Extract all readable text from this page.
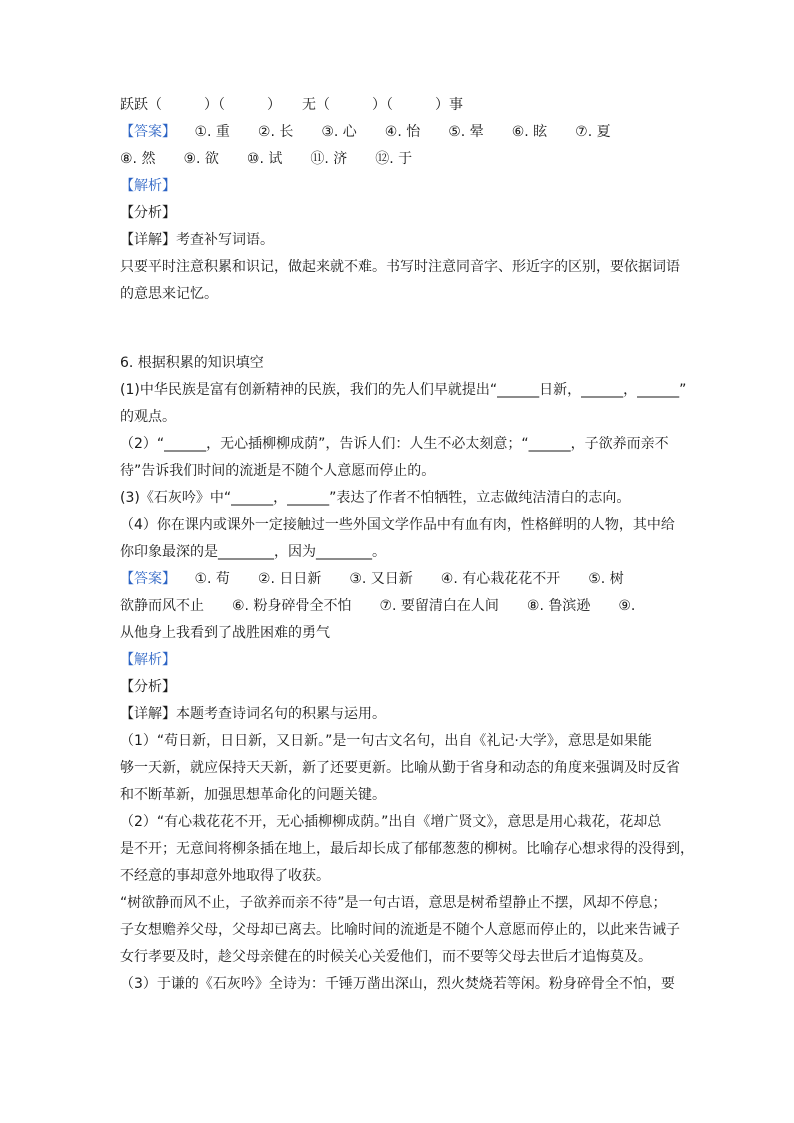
跃跃（　　　）（　　　）　　无（　　　）（　　　）事
【答案】 ①. 重　　②. 长　　③. 心　　④. 怡　　⑤. 晕　　⑥. 眩　　⑦. 夏
⑧. 然　　⑨. 欲　　⑩. 试　　⑪. 济　　⑫. 于
【解析】
【分析】
【详解】考查补写词语。
只要平时注意积累和识记，做起来就不难。书写时注意同音字、形近字的区别，要依据词语
的意思来记忆。
6. 根据积累的知识填空
(1)中华民族是富有创新精神的民族，我们的先人们早就提出“______日新，______，______”
的观点。
（2）“______，无心插柳柳成荫”，告诉人们：人生不必太刻意；“______，子欲养而亲不
待”告诉我们时间的流逝是不随个人意愿而停止的。
(3)《石灰吟》中“______，______”表达了作者不怕牺牲，立志做纯洁清白的志向。
（4）你在课内或课外一定接触过一些外国文学作品中有血有肉，性格鲜明的人物，其中给
你印象最深的是________，因为________。
【答案】 ①. 苟　　②. 日日新　　③. 又日新　　④. 有心栽花花不开　　⑤. 树
欲静而风不止　　⑥. 粉身碎骨全不怕　　⑦. 要留清白在人间　　⑧. 鲁滨逊　　⑨.
从他身上我看到了战胜困难的勇气
【解析】
【分析】
【详解】本题考查诗词名句的积累与运用。
（1）“苟日新，日日新，又日新。”是一句古文名句，出自《礼记·大学》，意思是如果能
够一天新，就应保持天天新，新了还要更新。比喻从勤于省身和动态的角度来强调及时反省
和不断革新，加强思想革命化的问题关键。
（2）“有心栽花花不开，无心插柳柳成荫。”出自《增广贤文》，意思是用心栽花，花却总
是不开；无意间将柳条插在地上，最后却长成了郁郁葱葱的柳树。比喻存心想求得的没得到，
不经意的事却意外地取得了收获。
“树欲静而风不止，子欲养而亲不待”是一句古语，意思是树希望静止不摆，风却不停息；
子女想赡养父母，父母却已离去。比喻时间的流逝是不随个人意愿而停止的，以此来告诫子
女行孝要及时，趁父母亲健在的时候关心关爱他们，而不要等父母去世后才追悔莫及。
（3）于谦的《石灰吟》全诗为：千锤万凿出深山，烈火焚烧若等闲。粉身碎骨全不怕，要
